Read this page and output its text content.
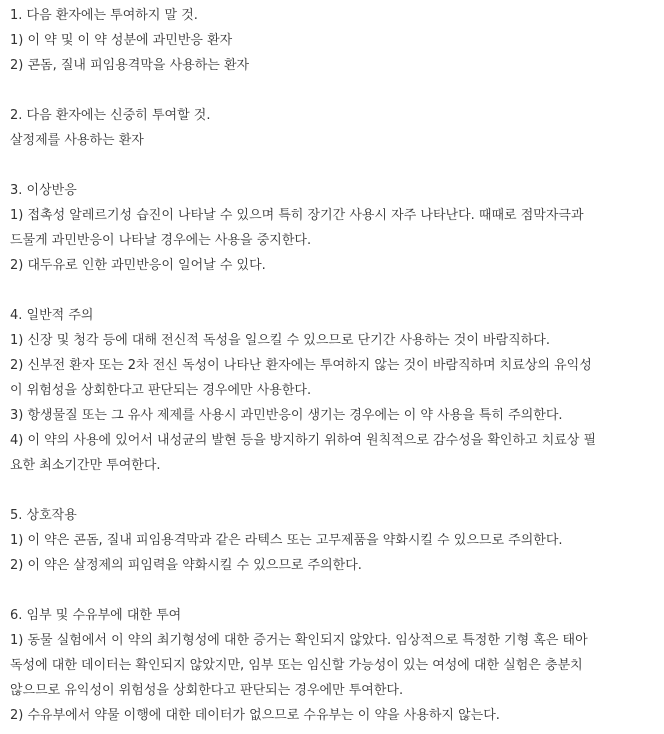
1. 다음 환자에는 투여하지 말 것.
1) 이 약 및 이 약 성분에 과민반응 환자
2) 콘돔, 질내 피임용격막을 사용하는 환자
2. 다음 환자에는 신중히 투여할 것.
살정제를 사용하는 환자
3. 이상반응
1) 접촉성 알레르기성 습진이 나타날 수 있으며 특히 장기간 사용시 자주 나타난다. 때때로 점막자극과
드물게 과민반응이 나타날 경우에는 사용을 중지한다.
2) 대두유로 인한 과민반응이 일어날 수 있다.
4. 일반적 주의
1) 신장 및 청각 등에 대해 전신적 독성을 일으킬 수 있으므로 단기간 사용하는 것이 바람직하다.
2) 신부전 환자 또는 2차 전신 독성이 나타난 환자에는 투여하지 않는 것이 바람직하며 치료상의 유익성
이 위험성을 상회한다고 판단되는 경우에만 사용한다.
3) 항생물질 또는 그 유사 제제를 사용시 과민반응이 생기는 경우에는 이 약 사용을 특히 주의한다.
4) 이 약의 사용에 있어서 내성균의 발현 등을 방지하기 위하여 원칙적으로 감수성을 확인하고 치료상 필
요한 최소기간만 투여한다.
5. 상호작용
1) 이 약은 콘돔, 질내 피임용격막과 같은 라텍스 또는 고무제품을 약화시킬 수 있으므로 주의한다.
2) 이 약은 살정제의 피임력을 약화시킬 수 있으므로 주의한다.
6. 임부 및 수유부에 대한 투여
1) 동물 실험에서 이 약의 최기형성에 대한 증거는 확인되지 않았다. 임상적으로 특정한 기형 혹은 태아
독성에 대한 데이터는 확인되지 않았지만, 임부 또는 임신할 가능성이 있는 여성에 대한 실험은 충분치
않으므로 유익성이 위험성을 상회한다고 판단되는 경우에만 투여한다.
2) 수유부에서 약물 이행에 대한 데이터가 없으므로 수유부는 이 약을 사용하지 않는다.
